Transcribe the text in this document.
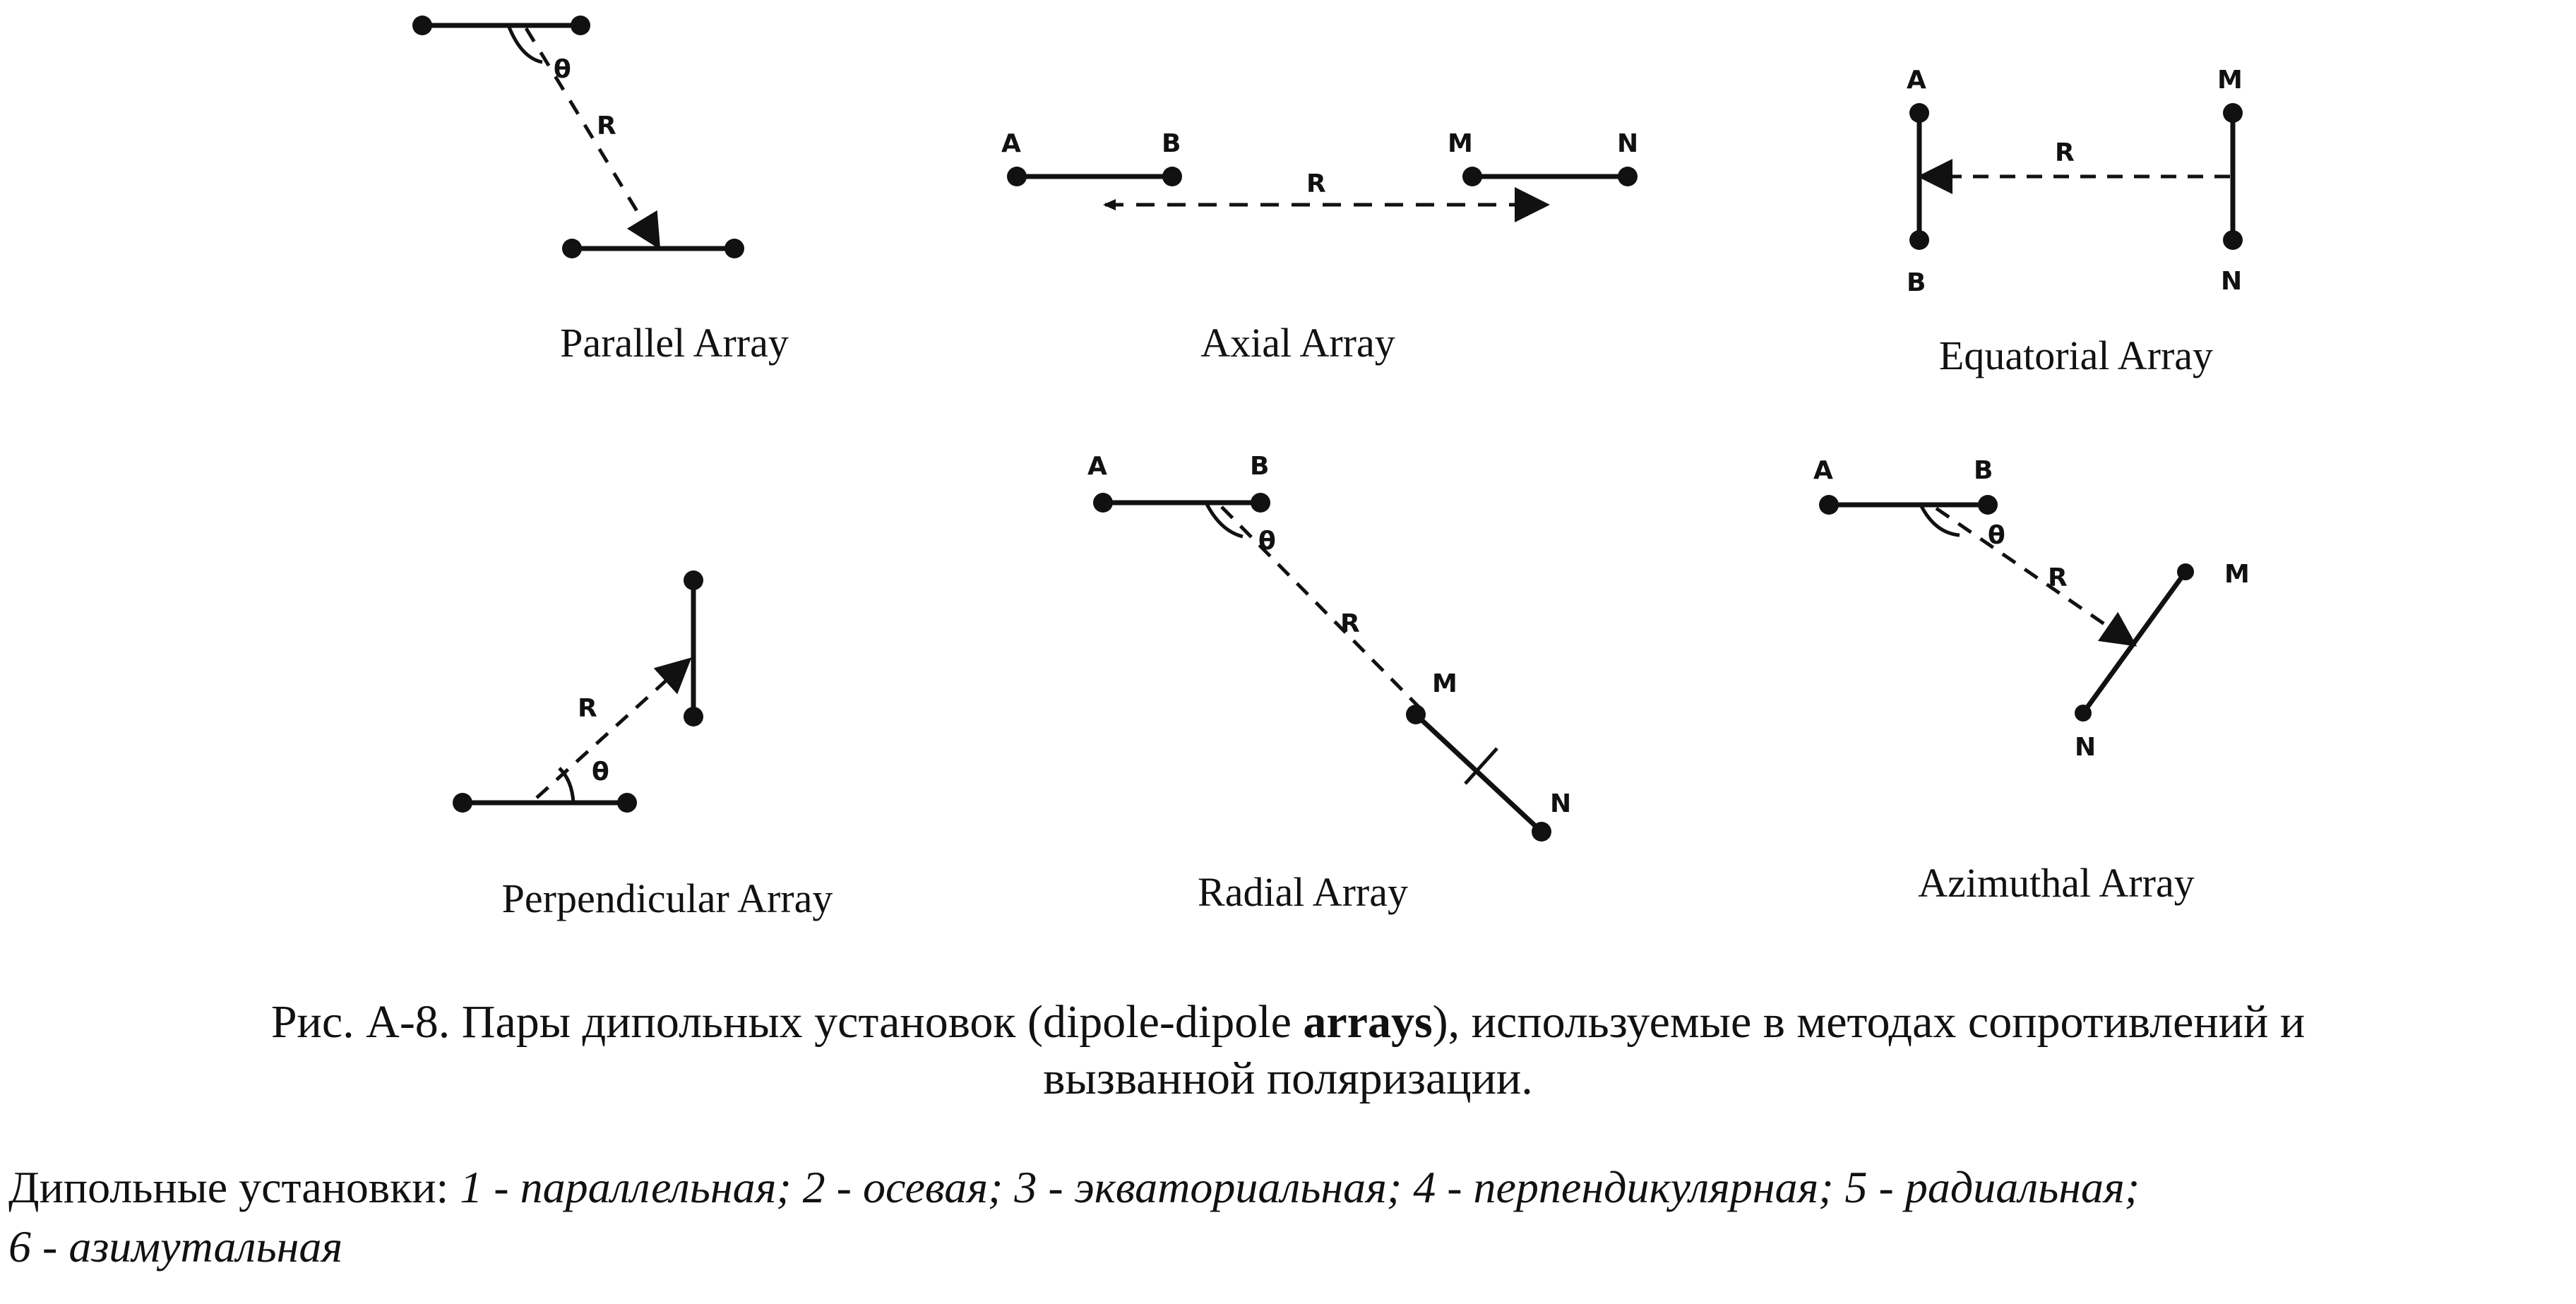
θ
R
Parallel Array
A	B
R
M	N
Axial Array
A
B
R
M
N
Equatorial Array
θ
R
Perpendicular Array
A	B
θ
R
M
N
Radial Array
A	B
θ
R	M
N
Azimuthal Array
Рис. А-8. Пары дипольных установок (dipole-dipole arrays), используемые в методах сопротивлений и
вызванной поляризации.
Дипольные установки: 1 - параллельная; 2 - осевая; 3 - экваториальная; 4 - перпендикулярная; 5 - радиальная;
6 - азимутальная
